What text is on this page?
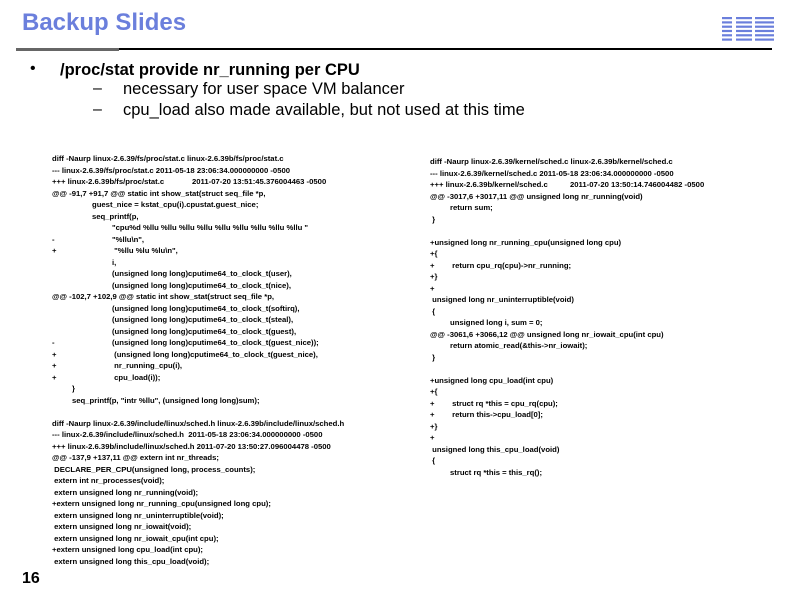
Backup Slides
• /proc/stat provide nr_running per CPU
– necessary for user space VM balancer
– cpu_load also made available, but not used at this time
diff -Naurp linux-2.6.39/fs/proc/stat.c linux-2.6.39b/fs/proc/stat.c
--- linux-2.6.39/fs/proc/stat.c 2011-05-18 23:06:34.000000000 -0500
+++ linux-2.6.39b/fs/proc/stat.c		2011-07-20 13:51:45.376004463 -0500
@@ -91,7 +91,7 @@ static int show_stat(struct seq_file *p,
		guest_nice = kstat_cpu(i).cpustat.guest_nice;
		seq_printf(p,
			"cpu%d %llu %llu %llu %llu %llu %llu %llu %llu %llu "
-			"%llu\n",
+			"%llu %lu %lu\n",
			i,
			(unsigned long long)cputime64_to_clock_t(user),
			(unsigned long long)cputime64_to_clock_t(nice),
@@ -102,7 +102,9 @@ static int show_stat(struct seq_file *p,
			(unsigned long long)cputime64_to_clock_t(softirq),
			(unsigned long long)cputime64_to_clock_t(steal),
			(unsigned long long)cputime64_to_clock_t(guest),
-			(unsigned long long)cputime64_to_clock_t(guest_nice));
+			(unsigned long long)cputime64_to_clock_t(guest_nice),
+			nr_running_cpu(i),
+			cpu_load(i));
	}
	seq_printf(p, "intr %llu", (unsigned long long)sum);
diff -Naurp linux-2.6.39/include/linux/sched.h linux-2.6.39b/include/linux/sched.h
--- linux-2.6.39/include/linux/sched.h  2011-05-18 23:06:34.000000000 -0500
+++ linux-2.6.39b/include/linux/sched.h 2011-07-20 13:50:27.096004478 -0500
@@ -137,9 +137,11 @@ extern int nr_threads;
DECLARE_PER_CPU(unsigned long, process_counts);
extern int nr_processes(void);
extern unsigned long nr_running(void);
+extern unsigned long nr_running_cpu(unsigned long cpu);
extern unsigned long nr_uninterruptible(void);
extern unsigned long nr_iowait(void);
extern unsigned long nr_iowait_cpu(int cpu);
+extern unsigned long cpu_load(int cpu);
extern unsigned long this_cpu_load(void);
diff -Naurp linux-2.6.39/kernel/sched.c linux-2.6.39b/kernel/sched.c
--- linux-2.6.39/kernel/sched.c 2011-05-18 23:06:34.000000000 -0500
+++ linux-2.6.39b/kernel/sched.c		2011-07-20 13:50:14.746004482 -0500
@@ -3017,6 +3017,11 @@ unsigned long nr_running(void)
	return sum;
}
+unsigned long nr_running_cpu(unsigned long cpu)
+{
+	return cpu_rq(cpu)->nr_running;
+}
+
unsigned long nr_uninterruptible(void)
{
	unsigned long i, sum = 0;
@@ -3061,6 +3066,12 @@ unsigned long nr_iowait_cpu(int cpu)
	return atomic_read(&this->nr_iowait);
}
+unsigned long cpu_load(int cpu)
+{
+	struct rq *this = cpu_rq(cpu);
+	return this->cpu_load[0];
+}
+
unsigned long this_cpu_load(void)
{
	struct rq *this = this_rq();
16
